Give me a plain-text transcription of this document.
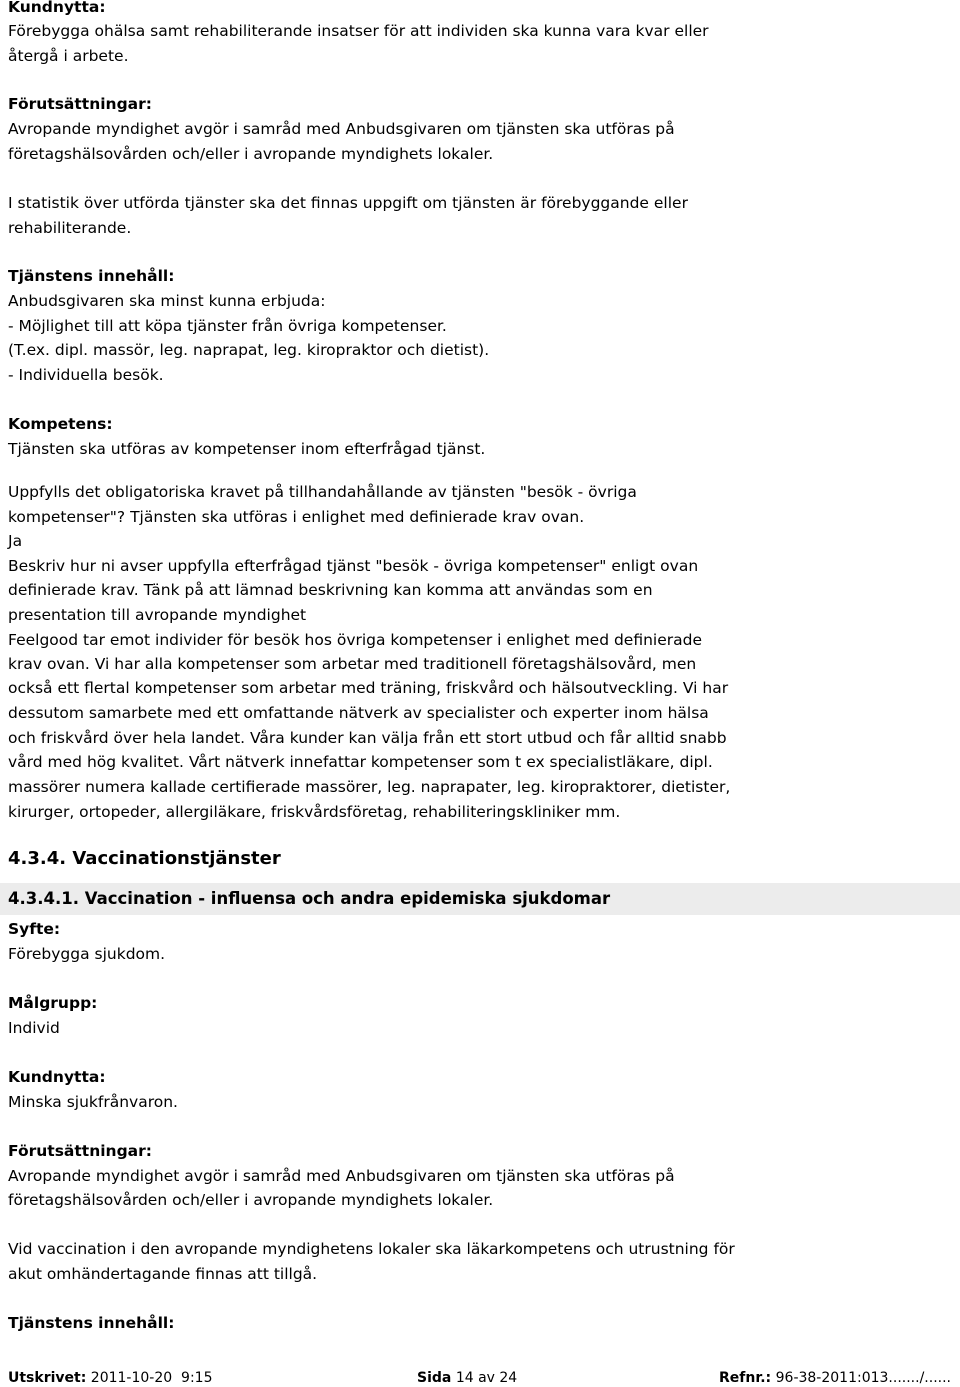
Kundnytta:
Förebygga ohälsa samt rehabiliterande insatser för att individen ska kunna vara kvar eller
återgå i arbete.
Förutsättningar:
Avropande myndighet avgör i samråd med Anbudsgivaren om tjänsten ska utföras på
företagshälsovården och/eller i avropande myndighets lokaler.
I statistik över utförda tjänster ska det finnas uppgift om tjänsten är förebyggande eller
rehabiliterande.
Tjänstens innehåll:
Anbudsgivaren ska minst kunna erbjuda:
- Möjlighet till att köpa tjänster från övriga kompetenser.
(T.ex. dipl. massör, leg. naprapat, leg. kiropraktor och dietist).
- Individuella besök.
Kompetens:
Tjänsten ska utföras av kompetenser inom efterfrågad tjänst.
Uppfylls det obligatoriska kravet på tillhandahållande av tjänsten "besök - övriga
kompetenser"? Tjänsten ska utföras i enlighet med definierade krav ovan.
Ja
Beskriv hur ni avser uppfylla efterfrågad tjänst "besök - övriga kompetenser" enligt ovan
definierade krav. Tänk på att lämnad beskrivning kan komma att användas som en
presentation till avropande myndighet
Feelgood tar emot individer för besök hos övriga kompetenser i enlighet med definierade
krav ovan. Vi har alla kompetenser som arbetar med traditionell företagshälsovård, men
också ett flertal kompetenser som arbetar med träning, friskvård och hälsoutveckling. Vi har
dessutom samarbete med ett omfattande nätverk av specialister och experter inom hälsa
och friskvård över hela landet. Våra kunder kan välja från ett stort utbud och får alltid snabb
vård med hög kvalitet. Vårt nätverk innefattar kompetenser som t ex specialistläkare, dipl.
massörer numera kallade certifierade massörer, leg. naprapater, leg. kiropraktorer, dietister,
kirurger, ortopeder, allergiläkare, friskvårdsföretag, rehabiliteringskliniker mm.
4.3.4. Vaccinationstjänster
4.3.4.1. Vaccination - influensa och andra epidemiska sjukdomar
Syfte:
Förebygga sjukdom.
Målgrupp:
Individ
Kundnytta:
Minska sjukfrånvaron.
Förutsättningar:
Avropande myndighet avgör i samråd med Anbudsgivaren om tjänsten ska utföras på
företagshälsovården och/eller i avropande myndighets lokaler.
Vid vaccination i den avropande myndighetens lokaler ska läkarkompetens och utrustning för
akut omhändertagande finnas att tillgå.
Tjänstens innehåll:
Utskrivet: 2011-10-20  9:15	Sida 14 av 24	Refnr.: 96-38-2011:013......./......
